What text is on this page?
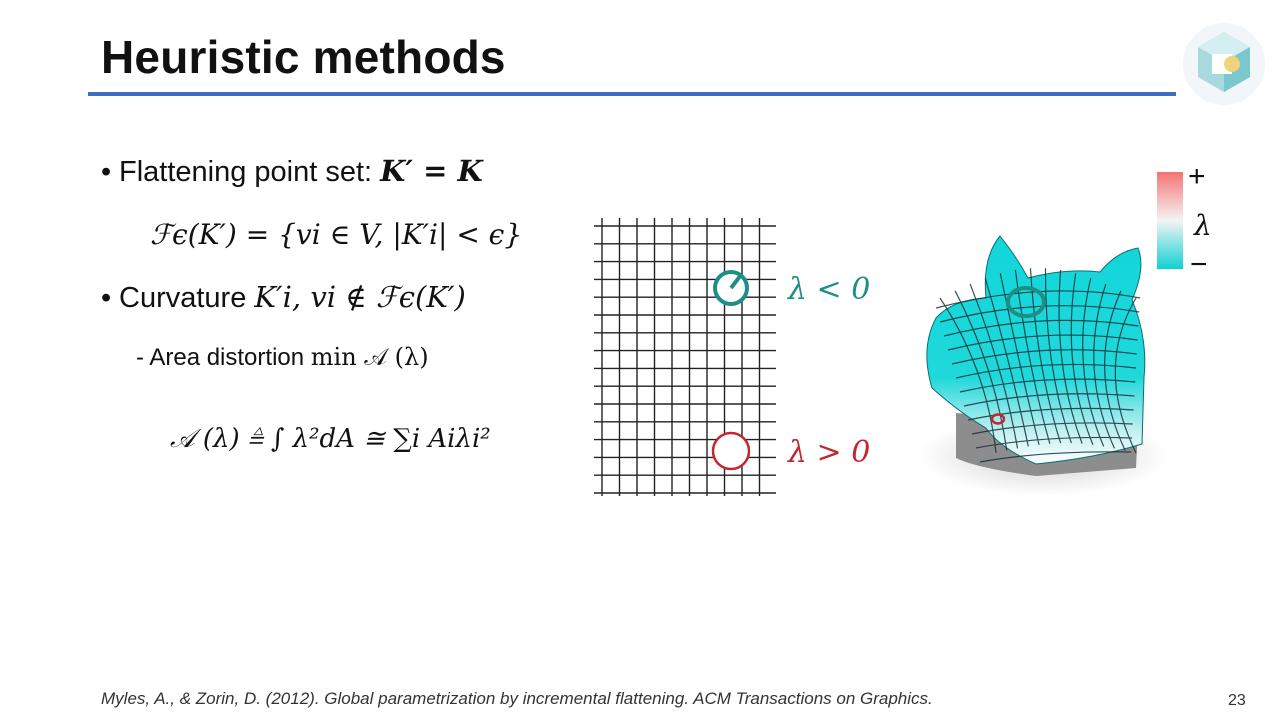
Heuristic methods
• Flattening point set: K′ = K
ℱϵ(K′) = {vi ∈ V, |K′i| < ϵ}
• Curvature K′i, vi ∉ ℱϵ(K′)
- Area distortion min 𝒜 (λ)
𝒜 (λ) ≜ ∫ λ²dA ≅ ∑i Aiλi²
λ < 0
λ > 0
+
λ
−
Myles, A., & Zorin, D. (2012). Global parametrization by incremental flattening. ACM Transactions on Graphics.	23
